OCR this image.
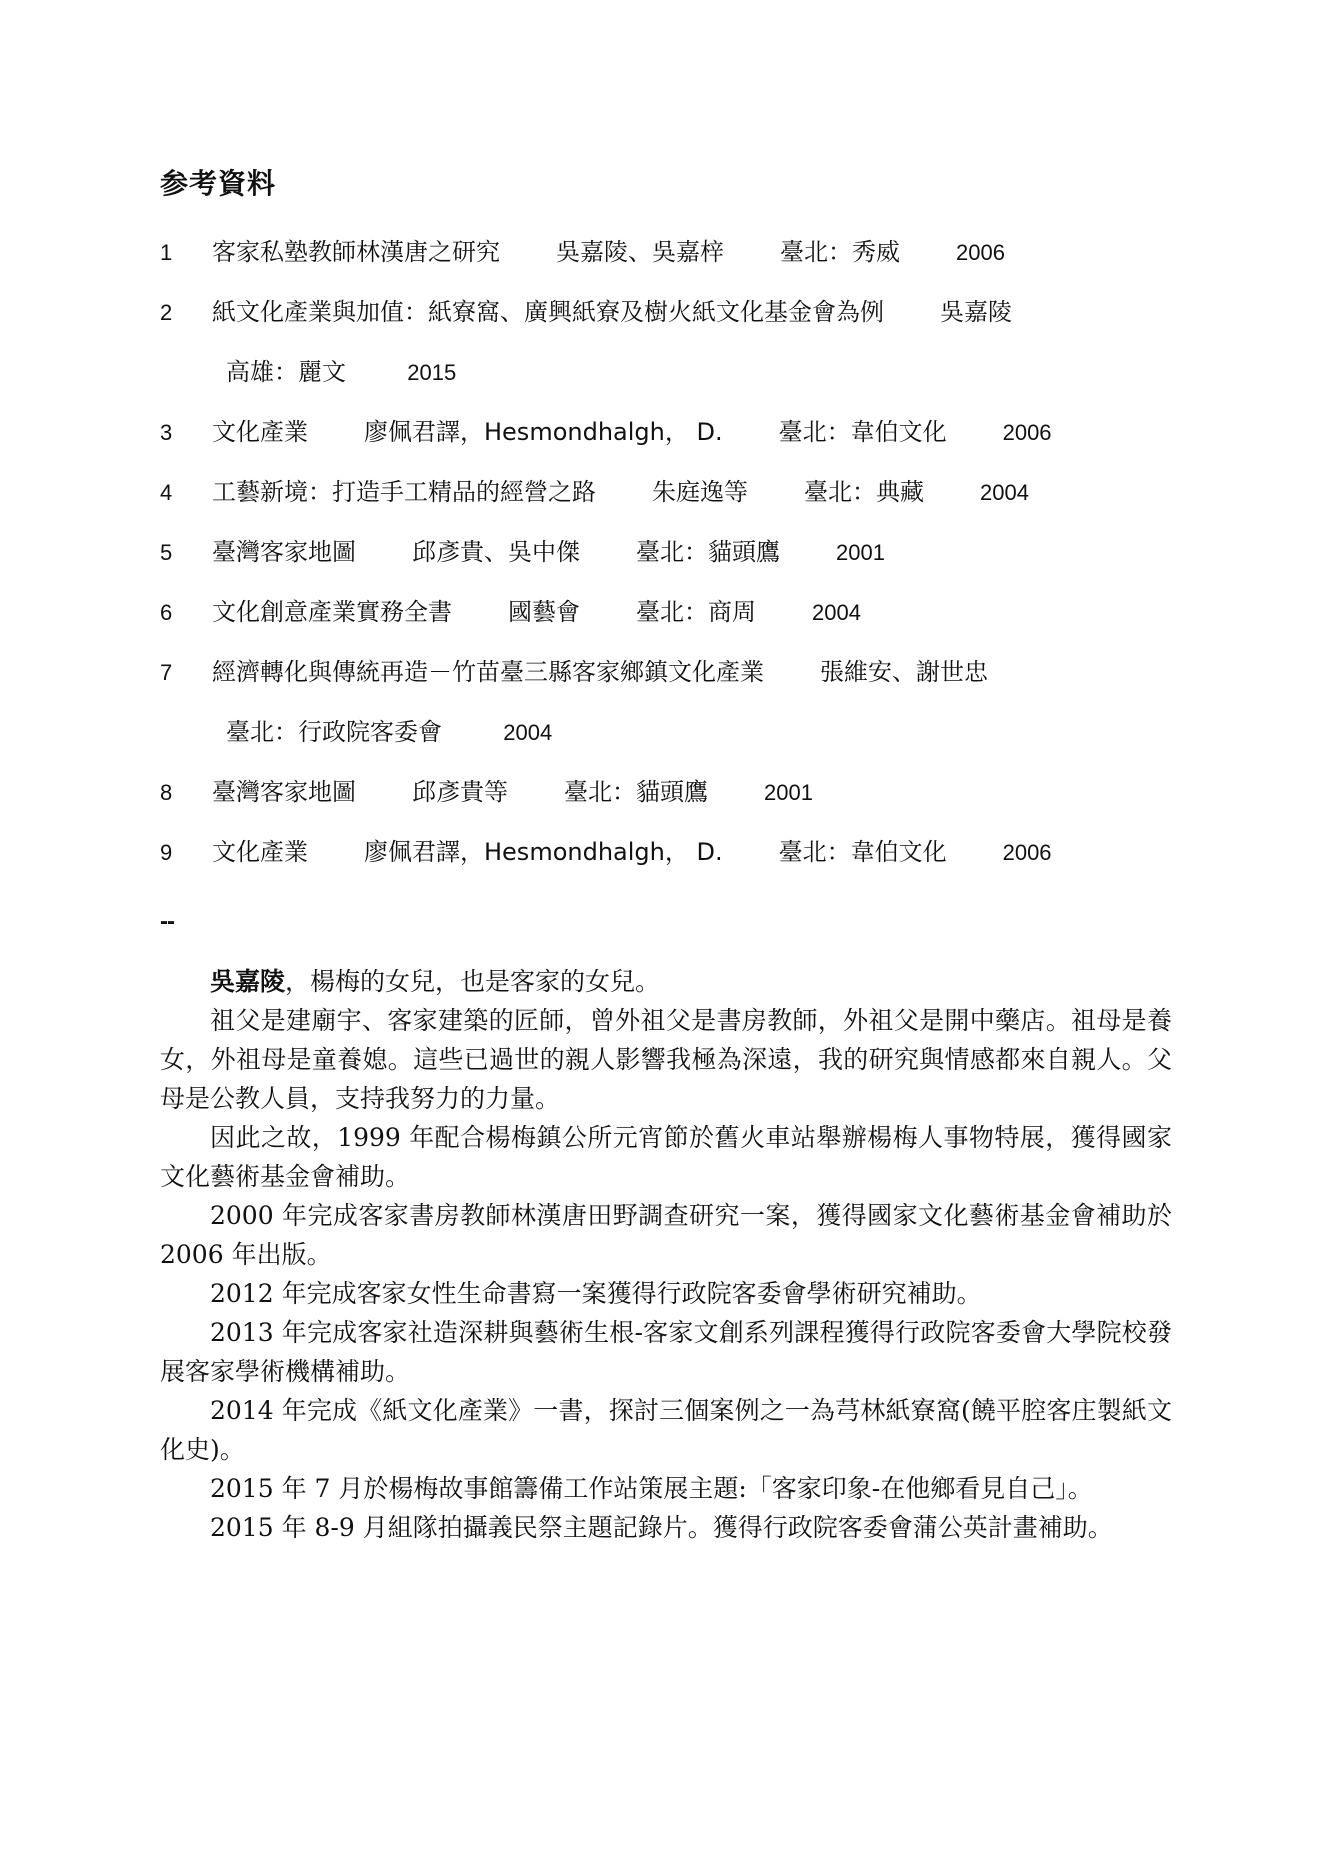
参考資料
1	客家私塾教師林漢唐之研究 吳嘉陵、吳嘉梓 臺北：秀威	2006
2	紙文化產業與加值：紙寮窩、廣興紙寮及樹火紙文化基金會為例 吳嘉陵
高雄：麗文	2015
3	文化產業 廖佩君譯，Hesmondhalgh， D. 臺北：韋伯文化	2006
4	工藝新境：打造手工精品的經營之路 朱庭逸等 臺北：典藏	2004
5	臺灣客家地圖 邱彥貴、吳中傑 臺北：貓頭鷹	2001
6	文化創意產業實務全書 國藝會 臺北：商周	2004
7	經濟轉化與傳統再造－竹苗臺三縣客家鄉鎮文化產業 張維安、謝世忠
臺北：行政院客委會	2004
8	臺灣客家地圖 邱彥貴等 臺北：貓頭鷹	2001
9	文化產業 廖佩君譯，Hesmondhalgh， D. 臺北：韋伯文化	2006
--

吳嘉陵，楊梅的女兒，也是客家的女兒。

祖父是建廟宇、客家建築的匠師，曾外祖父是書房教師，外祖父是開中藥店。祖母是養女，外祖母是童養媳。這些已過世的親人影響我極為深遠，我的研究與情感都來自親人。父母是公教人員，支持我努力的力量。

因此之故，1999 年配合楊梅鎮公所元宵節於舊火車站舉辦楊梅人事物特展，獲得國家文化藝術基金會補助。

2000 年完成客家書房教師林漢唐田野調查研究一案，獲得國家文化藝術基金會補助於 2006 年出版。

2012 年完成客家女性生命書寫一案獲得行政院客委會學術研究補助。

2013 年完成客家社造深耕與藝術生根-客家文創系列課程獲得行政院客委會大學院校發展客家學術機構補助。

2014 年完成《紙文化產業》一書，探討三個案例之一為芎林紙寮窩(饒平腔客庄製紙文化史)。

2015 年 7 月於楊梅故事館籌備工作站策展主題:「客家印象-在他鄉看見自己」。

2015 年 8-9 月組隊拍攝義民祭主題記錄片。獲得行政院客委會蒲公英計畫補助。
